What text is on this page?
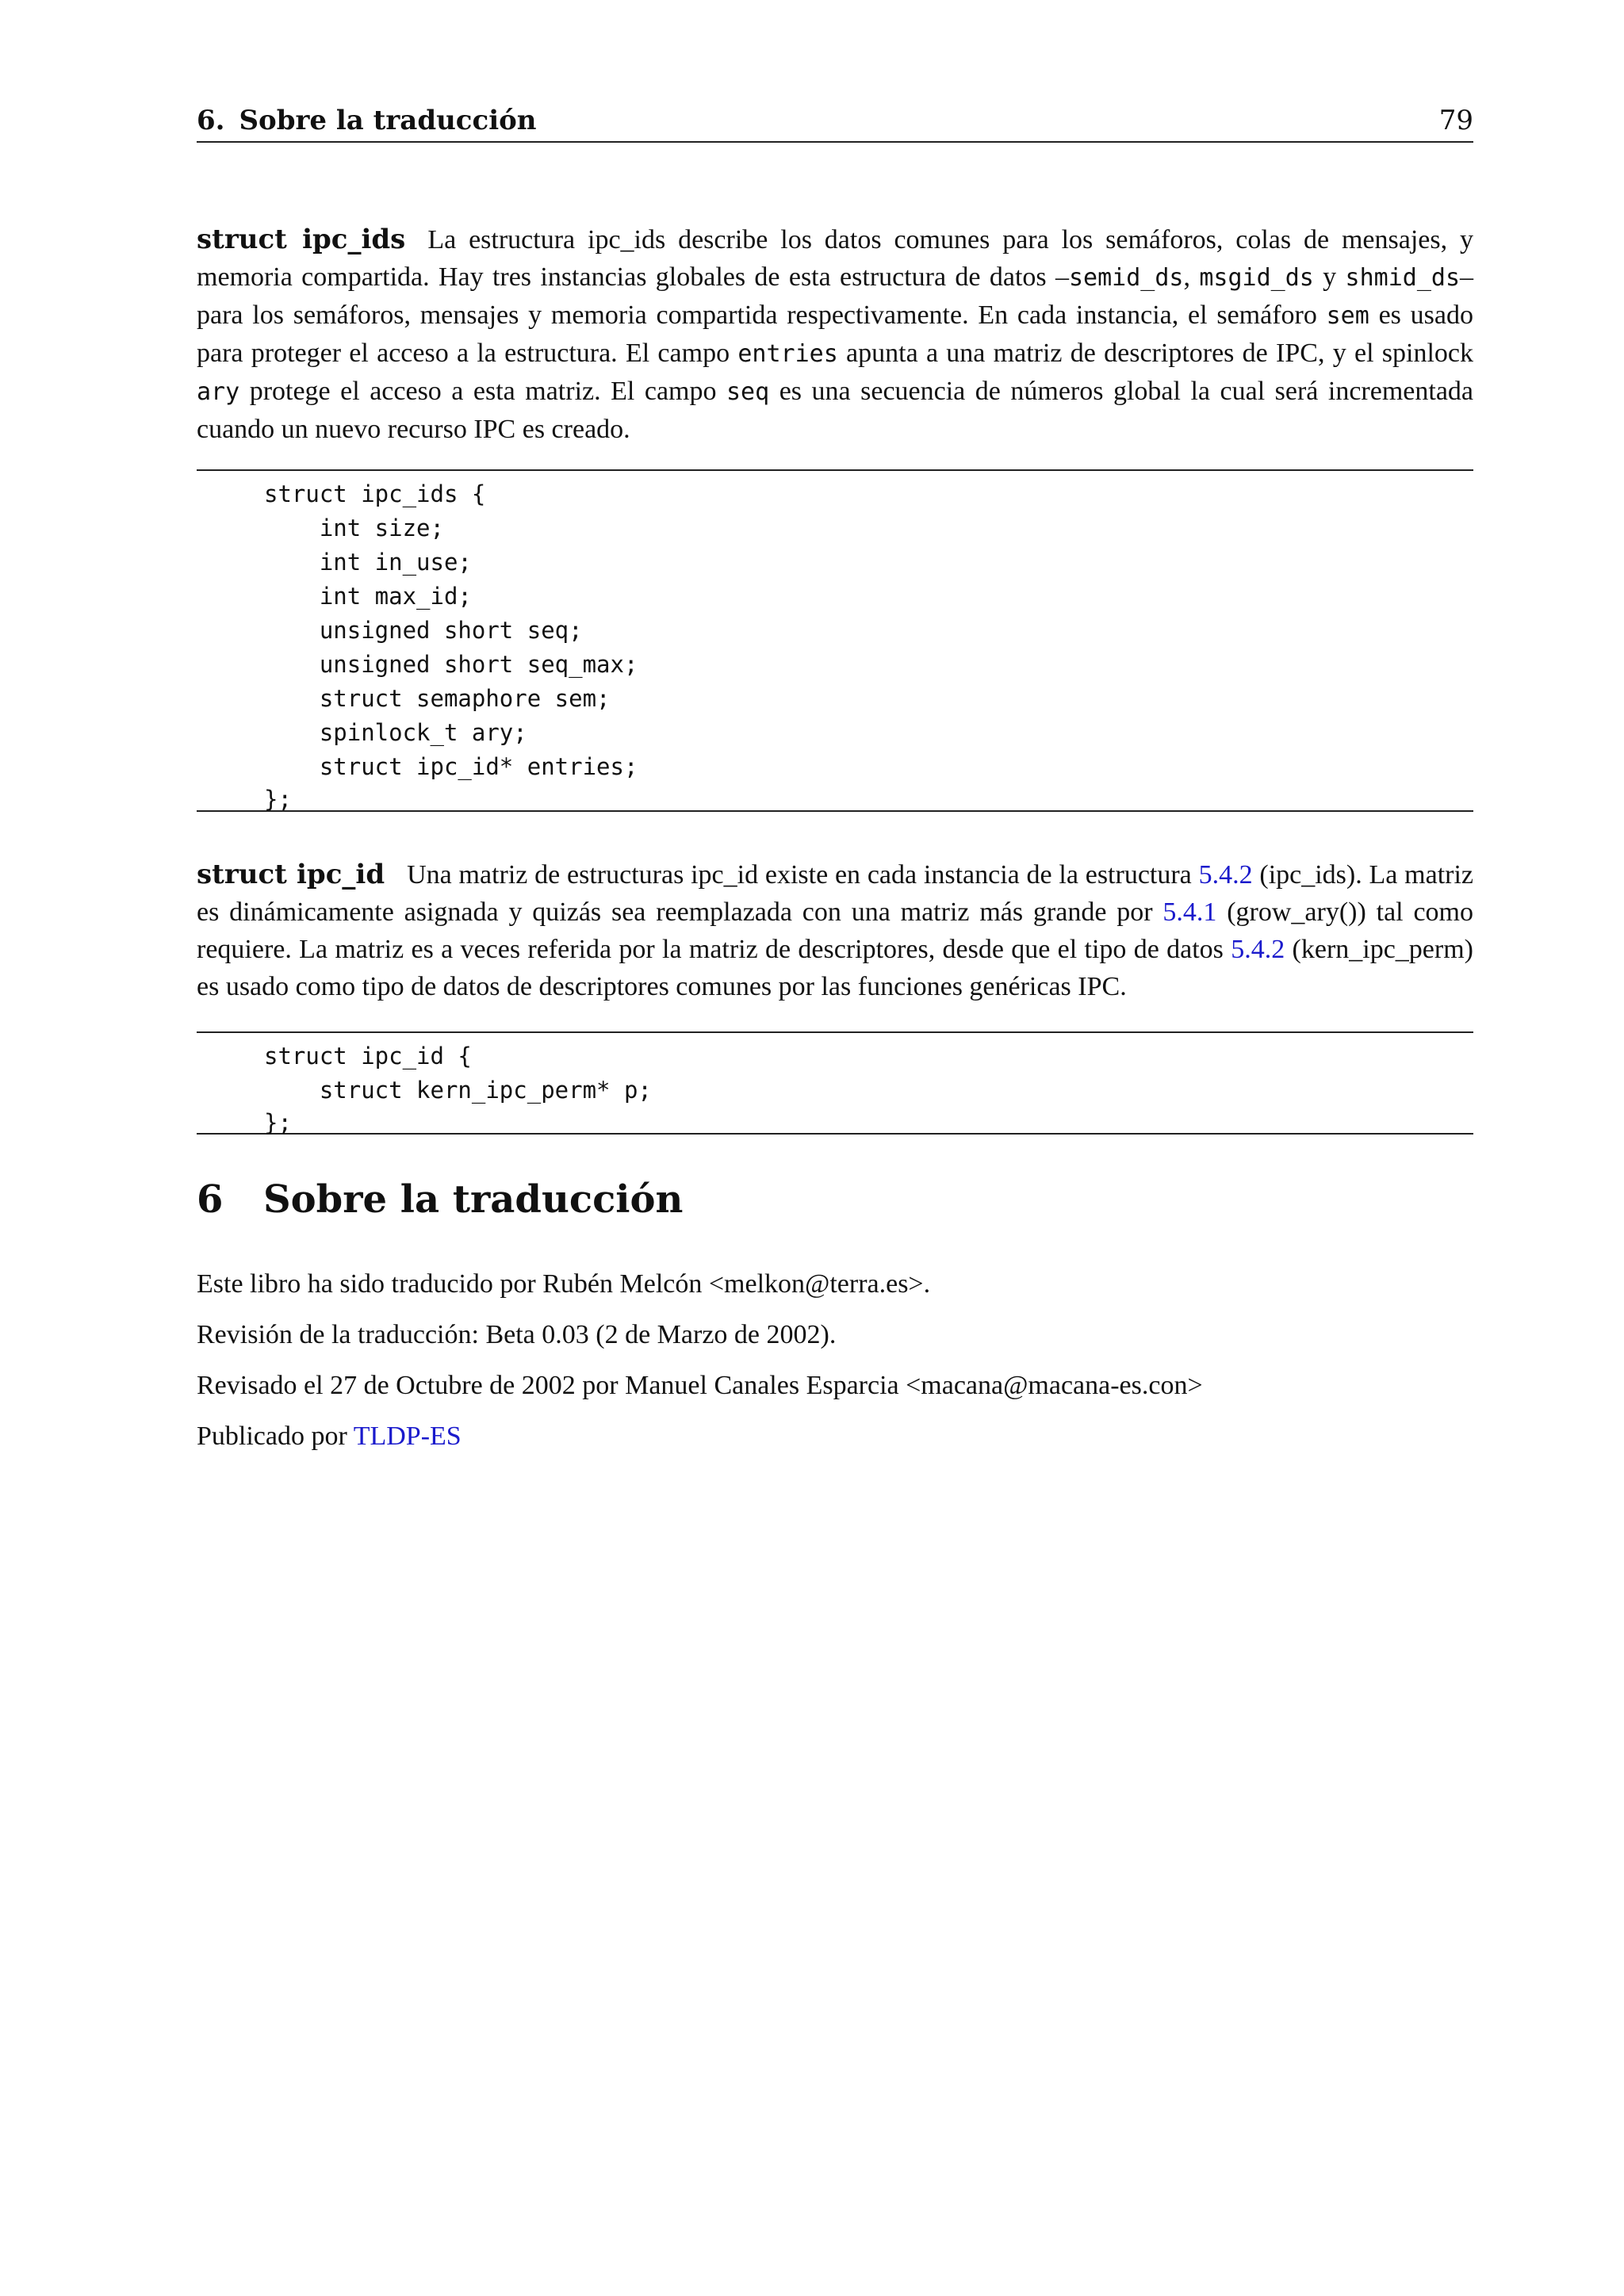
6. Sobre la traducción	79
struct ipc_ids La estructura ipc_ids describe los datos comunes para los semáforos, colas de mensajes, y memoria compartida. Hay tres instancias globales de esta estructura de datos –semid_ds, msgid_ds y shmid_ds– para los semáforos, mensajes y memoria compartida respectivamente. En cada instancia, el semáforo sem es usado para proteger el acceso a la estructura. El campo entries apunta a una matriz de descriptores de IPC, y el spinlock ary protege el acceso a esta matriz. El campo seq es una secuencia de números global la cual será incrementada cuando un nuevo recurso IPC es creado.
struct ipc_ids {
int size;
int in_use;
int max_id;
unsigned short seq;
unsigned short seq_max;
struct semaphore sem;
spinlock_t ary;
struct ipc_id* entries;
};
struct ipc_id Una matriz de estructuras ipc_id existe en cada instancia de la estructura 5.4.2 (ipc_ids). La matriz es dinámicamente asignada y quizás sea reemplazada con una matriz más grande por 5.4.1 (grow_ary()) tal como requiere. La matriz es a veces referida por la matriz de descriptores, desde que el tipo de datos 5.4.2 (kern_ipc_perm) es usado como tipo de datos de descriptores comunes por las funciones genéricas IPC.
struct ipc_id {
struct kern_ipc_perm* p;
};
6 Sobre la traducción
Este libro ha sido traducido por Rubén Melcón <melkon@terra.es>.
Revisión de la traducción: Beta 0.03 (2 de Marzo de 2002).
Revisado el 27 de Octubre de 2002 por Manuel Canales Esparcia <macana@macana-es.con>
Publicado por TLDP-ES
